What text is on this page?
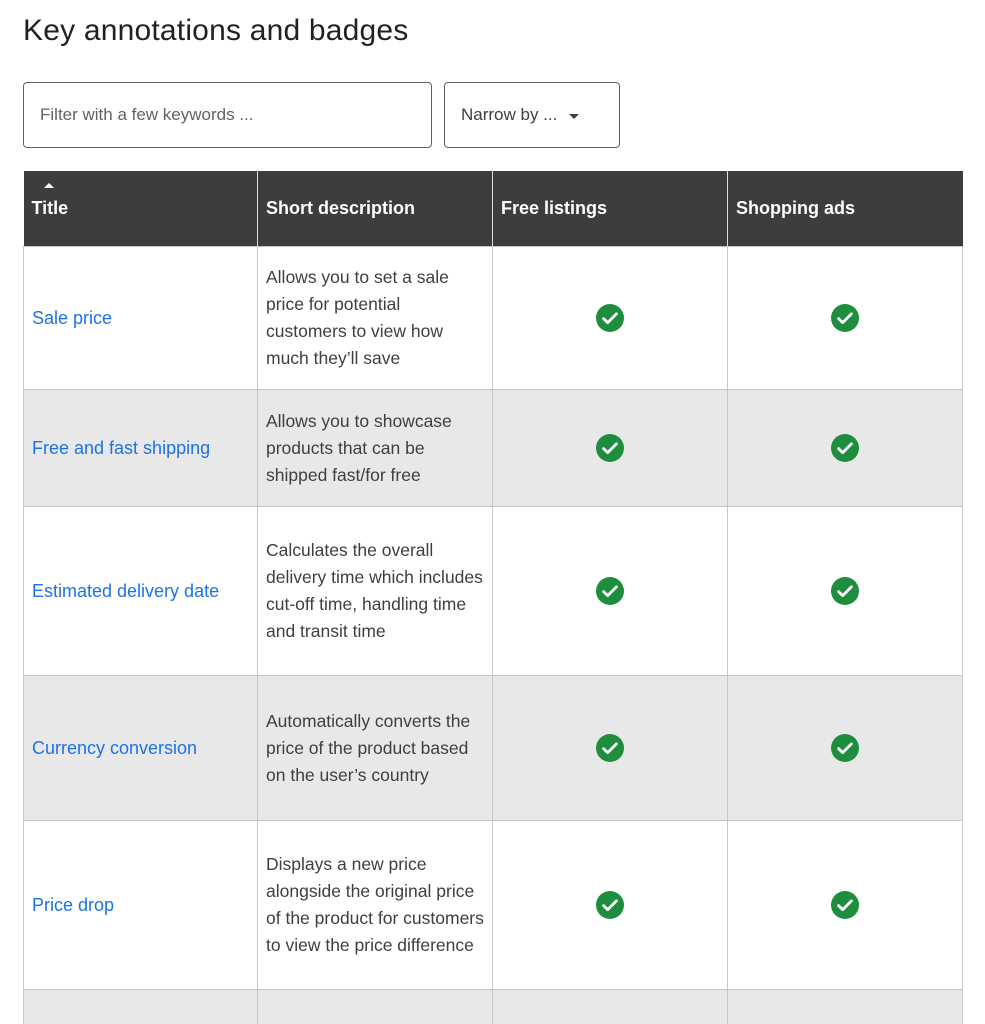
Key annotations and badges
Filter with a few keywords ...
Narrow by ...
Title	Short description	Free listings	Shopping ads
Sale price	Allows you to set a sale price for potential customers to view how much they’ll save		
Free and fast shipping	Allows you to showcase products that can be shipped fast/for free		
Estimated delivery date	Calculates the overall delivery time which includes cut-off time, handling time and transit time		
Currency conversion	Automatically converts the price of the product based on the user’s country		
Price drop	Displays a new price alongside the original price of the product for customers to view the price difference		
